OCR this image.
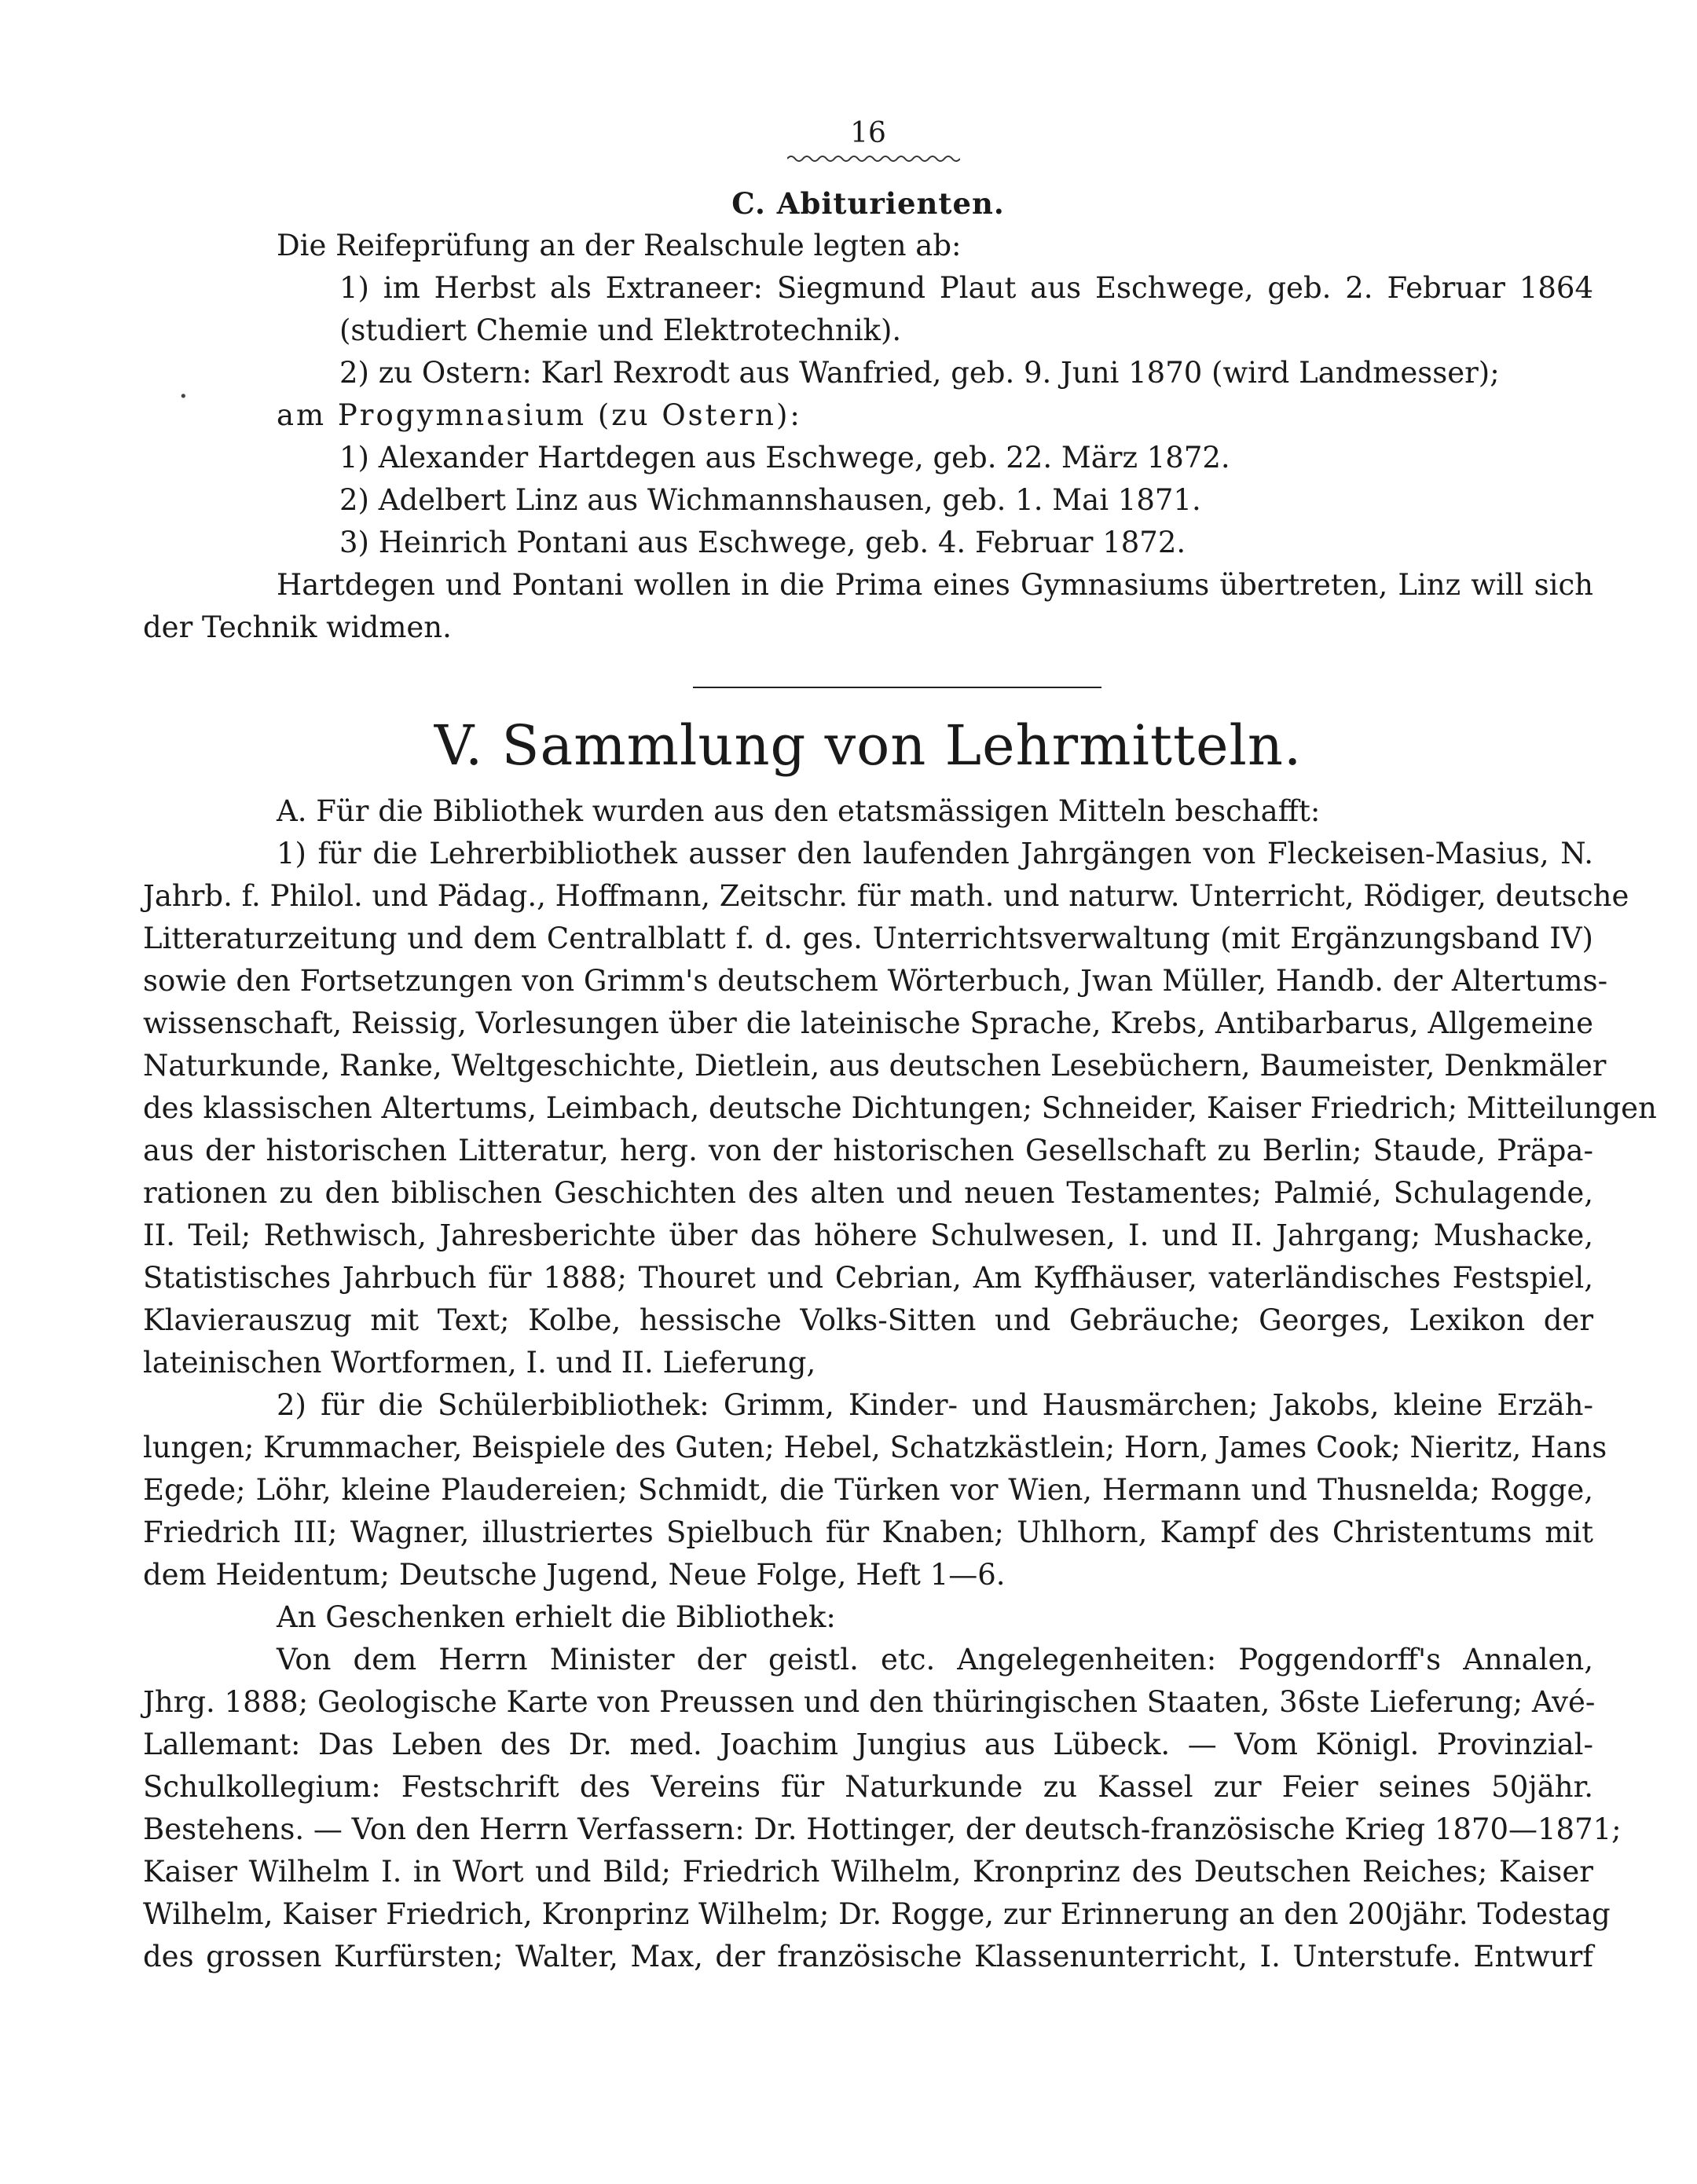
16
C. Abiturienten.
Die Reifeprüfung an der Realschule legten ab:
1) im Herbst als Extraneer: Siegmund Plaut aus Eschwege, geb. 2. Februar 1864
(studiert Chemie und Elektrotechnik).
2) zu Ostern: Karl Rexrodt aus Wanfried, geb. 9. Juni 1870 (wird Landmesser);
am Progymnasium (zu Ostern):
1) Alexander Hartdegen aus Eschwege, geb. 22. März 1872.
2) Adelbert Linz aus Wichmannshausen, geb. 1. Mai 1871.
3) Heinrich Pontani aus Eschwege, geb. 4. Februar 1872.
Hartdegen und Pontani wollen in die Prima eines Gymnasiums übertreten, Linz will sich
der Technik widmen.
V. Sammlung von Lehrmitteln.
A. Für die Bibliothek wurden aus den etatsmässigen Mitteln beschafft:
1) für die Lehrerbibliothek ausser den laufenden Jahrgängen von Fleckeisen-Masius, N.
Jahrb. f. Philol. und Pädag., Hoffmann, Zeitschr. für math. und naturw. Unterricht, Rödiger, deutsche
Litteraturzeitung und dem Centralblatt f. d. ges. Unterrichtsverwaltung (mit Ergänzungsband IV)
sowie den Fortsetzungen von Grimm's deutschem Wörterbuch, Jwan Müller, Handb. der Altertums-
wissenschaft, Reissig, Vorlesungen über die lateinische Sprache, Krebs, Antibarbarus, Allgemeine
Naturkunde, Ranke, Weltgeschichte, Dietlein, aus deutschen Lesebüchern, Baumeister, Denkmäler
des klassischen Altertums, Leimbach, deutsche Dichtungen; Schneider, Kaiser Friedrich; Mitteilungen
aus der historischen Litteratur, herg. von der historischen Gesellschaft zu Berlin; Staude, Präpa-
rationen zu den biblischen Geschichten des alten und neuen Testamentes; Palmié, Schulagende,
II. Teil; Rethwisch, Jahresberichte über das höhere Schulwesen, I. und II. Jahrgang; Mushacke,
Statistisches Jahrbuch für 1888; Thouret und Cebrian, Am Kyffhäuser, vaterländisches Festspiel,
Klavierauszug mit Text; Kolbe, hessische Volks-Sitten und Gebräuche; Georges, Lexikon der
lateinischen Wortformen, I. und II. Lieferung,
2) für die Schülerbibliothek: Grimm, Kinder- und Hausmärchen; Jakobs, kleine Erzäh-
lungen; Krummacher, Beispiele des Guten; Hebel, Schatzkästlein; Horn, James Cook; Nieritz, Hans
Egede; Löhr, kleine Plaudereien; Schmidt, die Türken vor Wien, Hermann und Thusnelda; Rogge,
Friedrich III; Wagner, illustriertes Spielbuch für Knaben; Uhlhorn, Kampf des Christentums mit
dem Heidentum; Deutsche Jugend, Neue Folge, Heft 1—6.
An Geschenken erhielt die Bibliothek:
Von dem Herrn Minister der geistl. etc. Angelegenheiten: Poggendorff's Annalen,
Jhrg. 1888; Geologische Karte von Preussen und den thüringischen Staaten, 36ste Lieferung; Avé-
Lallemant: Das Leben des Dr. med. Joachim Jungius aus Lübeck. — Vom Königl. Provinzial-
Schulkollegium: Festschrift des Vereins für Naturkunde zu Kassel zur Feier seines 50jähr.
Bestehens. — Von den Herrn Verfassern: Dr. Hottinger, der deutsch-französische Krieg 1870—1871;
Kaiser Wilhelm I. in Wort und Bild; Friedrich Wilhelm, Kronprinz des Deutschen Reiches; Kaiser
Wilhelm, Kaiser Friedrich, Kronprinz Wilhelm; Dr. Rogge, zur Erinnerung an den 200jähr. Todestag
des grossen Kurfürsten; Walter, Max, der französische Klassenunterricht, I. Unterstufe. Entwurf
·
